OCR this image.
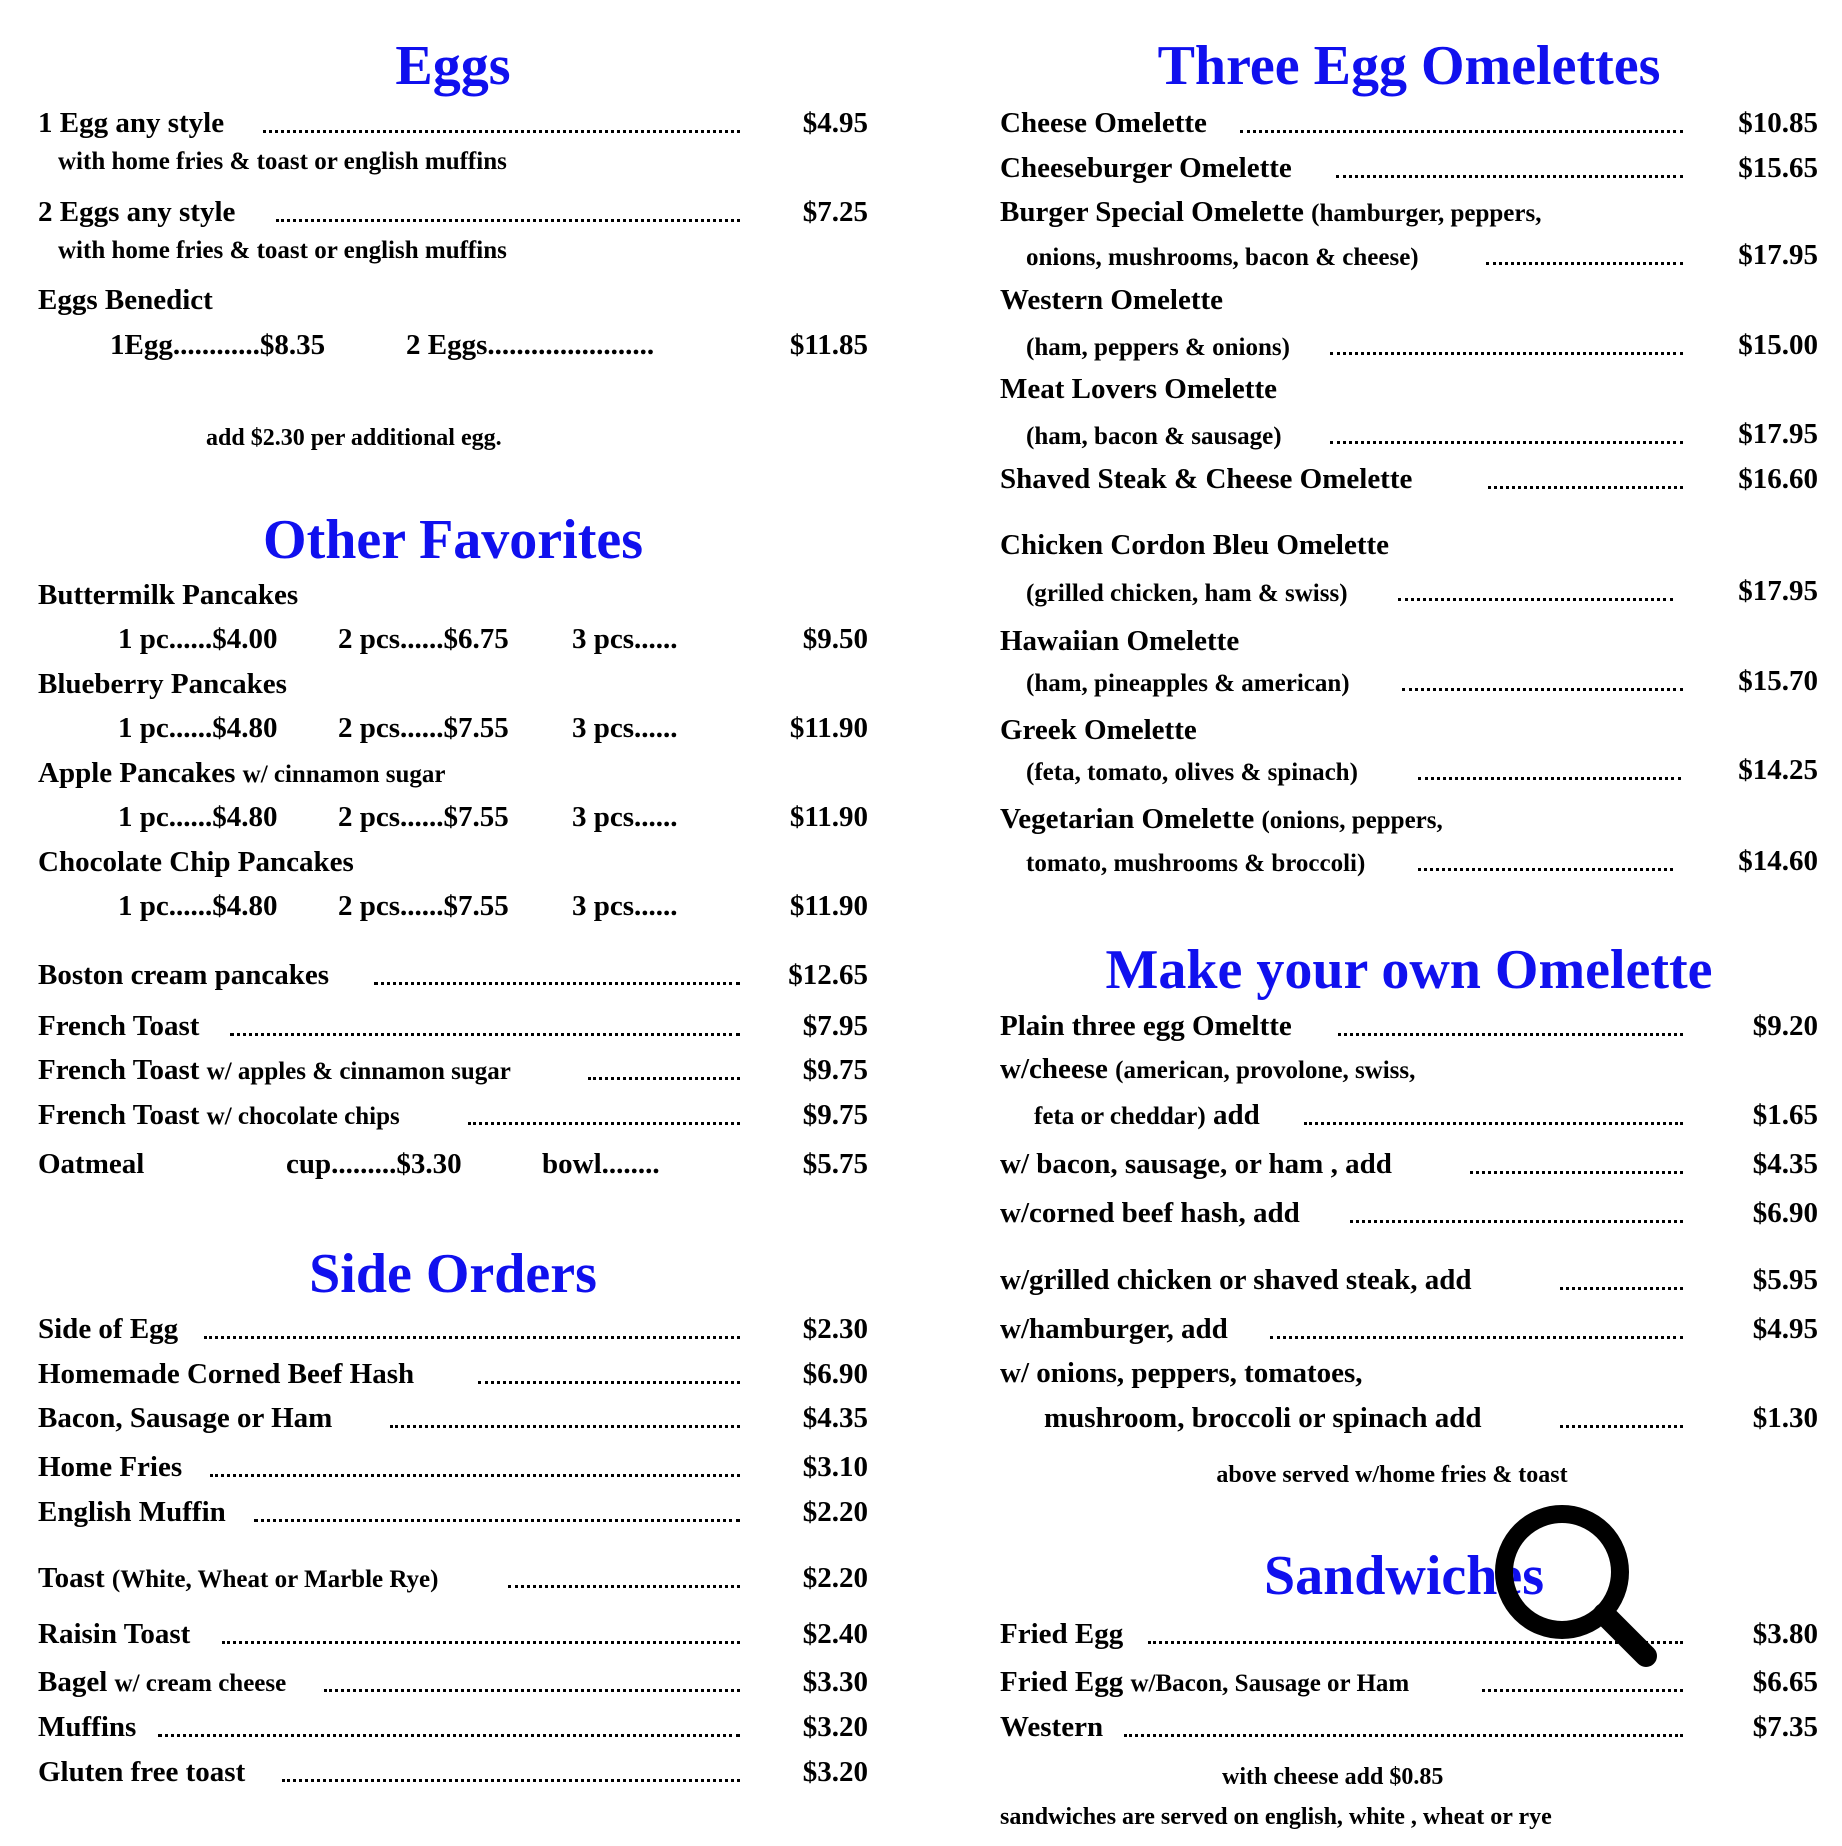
Eggs
1 Egg any style	$4.95
with home fries & toast or english muffins
2 Eggs any style	$7.25
with home fries & toast or english muffins
Eggs Benedict
1Egg............$8.35	2 Eggs.......................	$11.85
add $2.30 per additional egg.
Other Favorites
Buttermilk Pancakes
1 pc......$4.00 2 pcs......$6.75 3 pcs......	$9.50
Blueberry Pancakes
1 pc......$4.80 2 pcs......$7.55 3 pcs......	$11.90
Apple Pancakes w/ cinnamon sugar
1 pc......$4.80 2 pcs......$7.55 3 pcs......	$11.90
Chocolate Chip Pancakes
1 pc......$4.80 2 pcs......$7.55 3 pcs......	$11.90
Boston cream pancakes	$12.65
French Toast	$7.95
French Toast w/ apples & cinnamon sugar	$9.75
French Toast w/ chocolate chips	$9.75
Oatmeal	cup.........$3.30	bowl........	$5.75
Side Orders
Side of Egg	$2.30
Homemade Corned Beef Hash	$6.90
Bacon, Sausage or Ham	$4.35
Home Fries	$3.10
English Muffin	$2.20
Toast (White, Wheat or Marble Rye)	$2.20
Raisin Toast	$2.40
Bagel w/ cream cheese	$3.30
Muffins	$3.20
Gluten free toast	$3.20
Three Egg Omelettes
Cheese Omelette	$10.85
Cheeseburger Omelette	$15.65
Burger Special Omelette (hamburger, peppers,
onions, mushrooms, bacon & cheese)	$17.95
Western Omelette
(ham, peppers & onions)	$15.00
Meat Lovers Omelette
(ham, bacon & sausage)	$17.95
Shaved Steak & Cheese Omelette	$16.60
Chicken Cordon Bleu Omelette
(grilled chicken, ham & swiss)	$17.95
Hawaiian Omelette
(ham, pineapples & american)	$15.70
Greek Omelette
(feta, tomato, olives & spinach)	$14.25
Vegetarian Omelette (onions, peppers,
tomato, mushrooms & broccoli)	$14.60
Make your own Omelette
Plain three egg Omeltte	$9.20
w/cheese (american, provolone, swiss,
feta or cheddar) add	$1.65
w/ bacon, sausage, or ham , add	$4.35
w/corned beef hash, add	$6.90
w/grilled chicken or shaved steak, add	$5.95
w/hamburger, add	$4.95
w/ onions, peppers, tomatoes,
mushroom, broccoli or spinach add	$1.30
above served w/home fries & toast
Sandwiches
Fried Egg	$3.80
Fried Egg w/Bacon, Sausage or Ham	$6.65
Western	$7.35
with cheese add $0.85
sandwiches are served on english, white , wheat or rye
